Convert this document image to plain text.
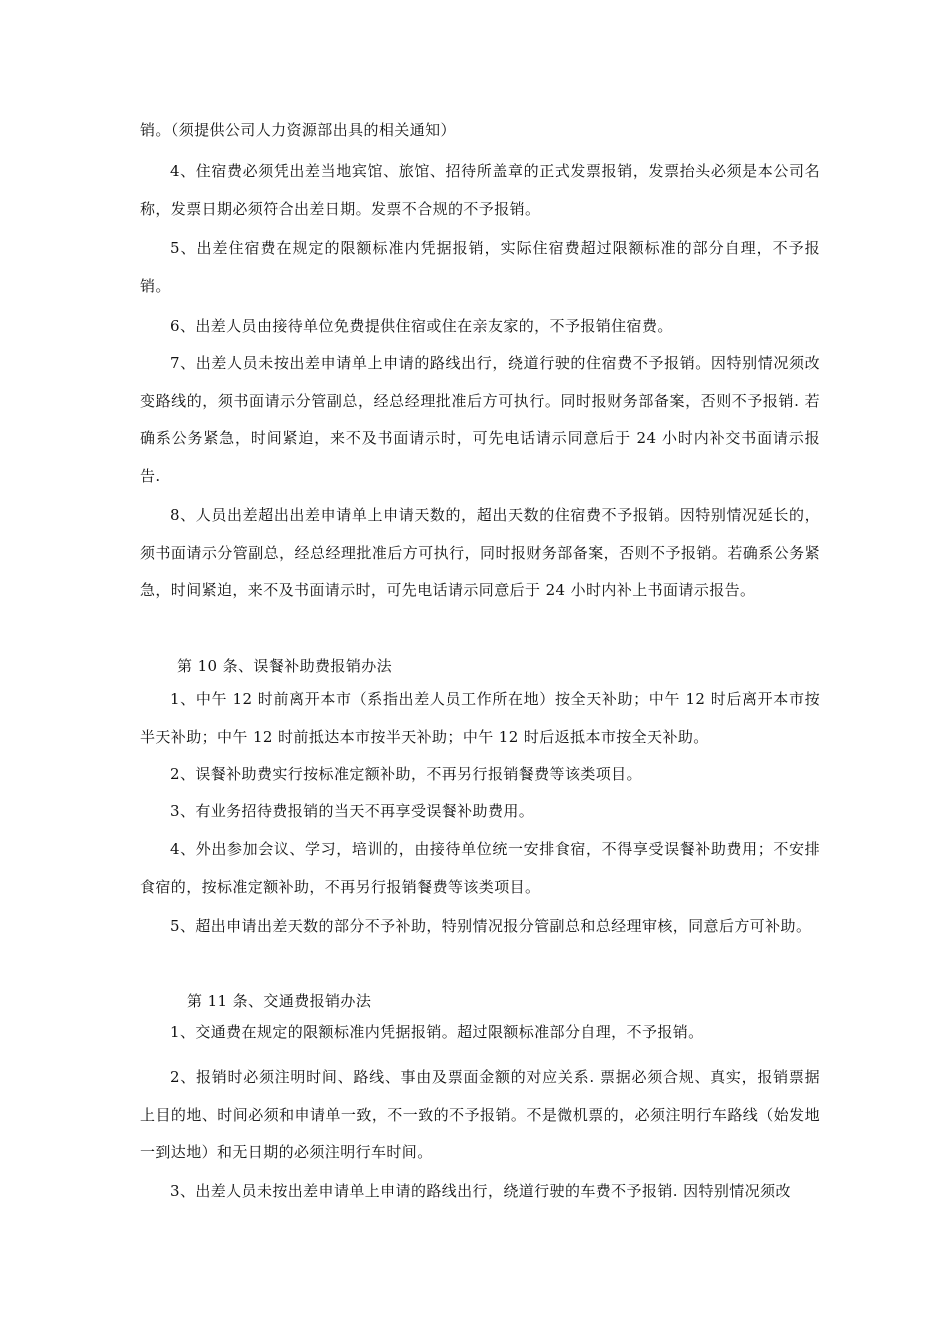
销。（须提供公司人力资源部出具的相关通知）

4、住宿费必须凭出差当地宾馆、旅馆、招待所盖章的正式发票报销，发票抬头必须是本公司名称，发票日期必须符合出差日期。发票不合规的不予报销。

5、出差住宿费在规定的限额标准内凭据报销，实际住宿费超过限额标准的部分自理，不予报销。

6、出差人员由接待单位免费提供住宿或住在亲友家的，不予报销住宿费。

7、出差人员未按出差申请单上申请的路线出行，绕道行驶的住宿费不予报销。因特别情况须改变路线的，须书面请示分管副总，经总经理批准后方可执行。同时报财务部备案，否则不予报销. 若确系公务紧急，时间紧迫，来不及书面请示时，可先电话请示同意后于 24 小时内补交书面请示报告.

8、人员出差超出出差申请单上申请天数的，超出天数的住宿费不予报销。因特别情况延长的，须书面请示分管副总，经总经理批准后方可执行，同时报财务部备案，否则不予报销。若确系公务紧急，时间紧迫，来不及书面请示时，可先电话请示同意后于 24 小时内补上书面请示报告。

第 10 条、误餐补助费报销办法

1、中午 12 时前离开本市（系指出差人员工作所在地）按全天补助；中午 12 时后离开本市按半天补助；中午 12 时前抵达本市按半天补助；中午 12 时后返抵本市按全天补助。

2、误餐补助费实行按标准定额补助，不再另行报销餐费等该类项目。

3、有业务招待费报销的当天不再享受误餐补助费用。

4、外出参加会议、学习，培训的，由接待单位统一安排食宿，不得享受误餐补助费用；不安排食宿的，按标准定额补助，不再另行报销餐费等该类项目。

5、超出申请出差天数的部分不予补助，特别情况报分管副总和总经理审核，同意后方可补助。

第 11 条、交通费报销办法

1、交通费在规定的限额标准内凭据报销。超过限额标准部分自理，不予报销。

2、报销时必须注明时间、路线、事由及票面金额的对应关系. 票据必须合规、真实，报销票据上目的地、时间必须和申请单一致，不一致的不予报销。不是微机票的，必须注明行车路线（始发地一到达地）和无日期的必须注明行车时间。

3、出差人员未按出差申请单上申请的路线出行，绕道行驶的车费不予报销. 因特别情况须改
